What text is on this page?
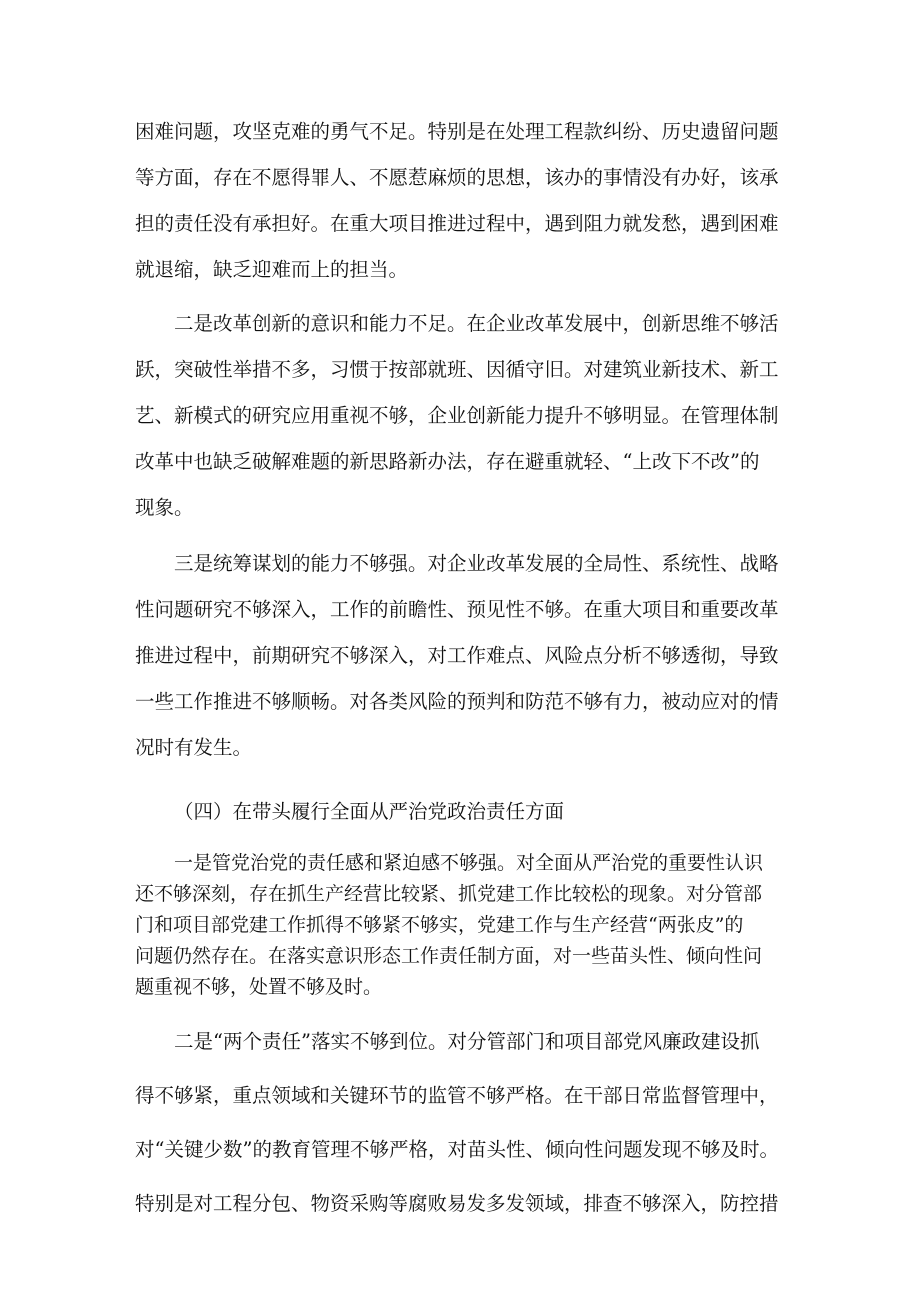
困难问题，攻坚克难的勇气不足。特别是在处理工程款纠纷、历史遗留问题

等方面，存在不愿得罪人、不愿惹麻烦的思想，该办的事情没有办好，该承

担的责任没有承担好。在重大项目推进过程中，遇到阻力就发愁，遇到困难

就退缩，缺乏迎难而上的担当。

二是改革创新的意识和能力不足。在企业改革发展中，创新思维不够活

跃，突破性举措不多，习惯于按部就班、因循守旧。对建筑业新技术、新工

艺、新模式的研究应用重视不够，企业创新能力提升不够明显。在管理体制

改革中也缺乏破解难题的新思路新办法，存在避重就轻、“上改下不改”的

现象。

三是统筹谋划的能力不够强。对企业改革发展的全局性、系统性、战略

性问题研究不够深入，工作的前瞻性、预见性不够。在重大项目和重要改革

推进过程中，前期研究不够深入，对工作难点、风险点分析不够透彻，导致

一些工作推进不够顺畅。对各类风险的预判和防范不够有力，被动应对的情

况时有发生。

（四）在带头履行全面从严治党政治责任方面

一是管党治党的责任感和紧迫感不够强。对全面从严治党的重要性认识

还不够深刻，存在抓生产经营比较紧、抓党建工作比较松的现象。对分管部

门和项目部党建工作抓得不够紧不够实，党建工作与生产经营“两张皮”的

问题仍然存在。在落实意识形态工作责任制方面，对一些苗头性、倾向性问

题重视不够，处置不够及时。

二是“两个责任”落实不够到位。对分管部门和项目部党风廉政建设抓

得不够紧，重点领域和关键环节的监管不够严格。在干部日常监督管理中，

对“关键少数”的教育管理不够严格，对苗头性、倾向性问题发现不够及时。

特别是对工程分包、物资采购等腐败易发多发领域，排查不够深入，防控措
